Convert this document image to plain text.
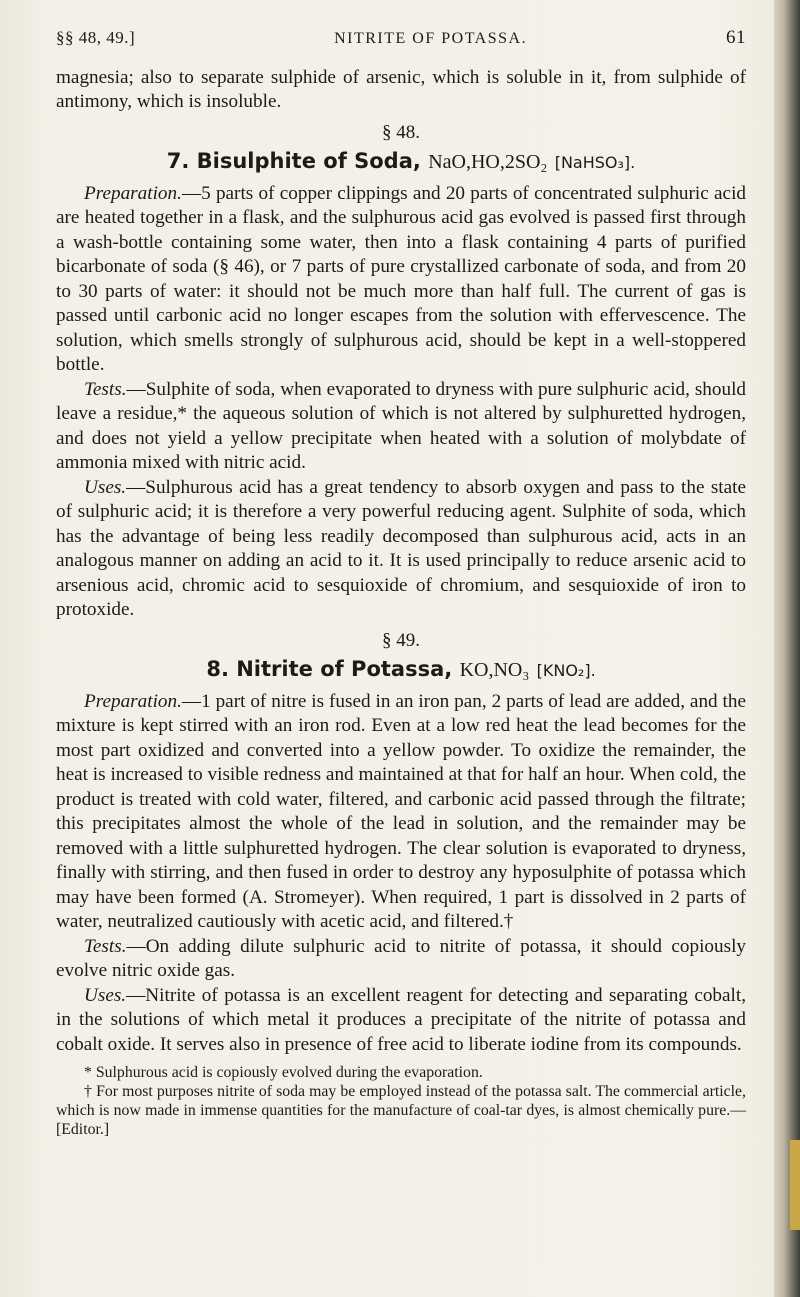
§§ 48, 49.]	NITRITE OF POTASSA.	61

magnesia; also to separate sulphide of arsenic, which is soluble in it, from sulphide of antimony, which is insoluble.

§ 48.
7. Bisulphite of Soda, NaO,HO,2SO₂ [NaHSO₃].

Preparation.—5 parts of copper clippings and 20 parts of concentrated sulphuric acid are heated together in a flask, and the sulphurous acid gas evolved is passed first through a wash-bottle containing some water, then into a flask containing 4 parts of purified bicarbonate of soda (§ 46), or 7 parts of pure crystallized carbonate of soda, and from 20 to 30 parts of water: it should not be much more than half full. The current of gas is passed until carbonic acid no longer escapes from the solution with effervescence. The solution, which smells strongly of sulphurous acid, should be kept in a well-stoppered bottle.

Tests.—Sulphite of soda, when evaporated to dryness with pure sulphuric acid, should leave a residue,* the aqueous solution of which is not altered by sulphuretted hydrogen, and does not yield a yellow precipitate when heated with a solution of molybdate of ammonia mixed with nitric acid.

Uses.—Sulphurous acid has a great tendency to absorb oxygen and pass to the state of sulphuric acid; it is therefore a very powerful reducing agent. Sulphite of soda, which has the advantage of being less readily decomposed than sulphurous acid, acts in an analogous manner on adding an acid to it. It is used principally to reduce arsenic acid to arsenious acid, chromic acid to sesquioxide of chromium, and sesquioxide of iron to protoxide.

§ 49.
8. Nitrite of Potassa, KO,NO₃ [KNO₂].

Preparation.—1 part of nitre is fused in an iron pan, 2 parts of lead are added, and the mixture is kept stirred with an iron rod. Even at a low red heat the lead becomes for the most part oxidized and converted into a yellow powder. To oxidize the remainder, the heat is increased to visible redness and maintained at that for half an hour. When cold, the product is treated with cold water, filtered, and carbonic acid passed through the filtrate; this precipitates almost the whole of the lead in solution, and the remainder may be removed with a little sulphuretted hydrogen. The clear solution is evaporated to dryness, finally with stirring, and then fused in order to destroy any hyposulphite of potassa which may have been formed (A. Stromeyer). When required, 1 part is dissolved in 2 parts of water, neutralized cautiously with acetic acid, and filtered.†

Tests.—On adding dilute sulphuric acid to nitrite of potassa, it should copiously evolve nitric oxide gas.

Uses.—Nitrite of potassa is an excellent reagent for detecting and separating cobalt, in the solutions of which metal it produces a precipitate of the nitrite of potassa and cobalt oxide. It serves also in presence of free acid to liberate iodine from its compounds.

* Sulphurous acid is copiously evolved during the evaporation.

† For most purposes nitrite of soda may be employed instead of the potassa salt. The commercial article, which is now made in immense quantities for the manufacture of coal-tar dyes, is almost chemically pure.—[Editor.]
